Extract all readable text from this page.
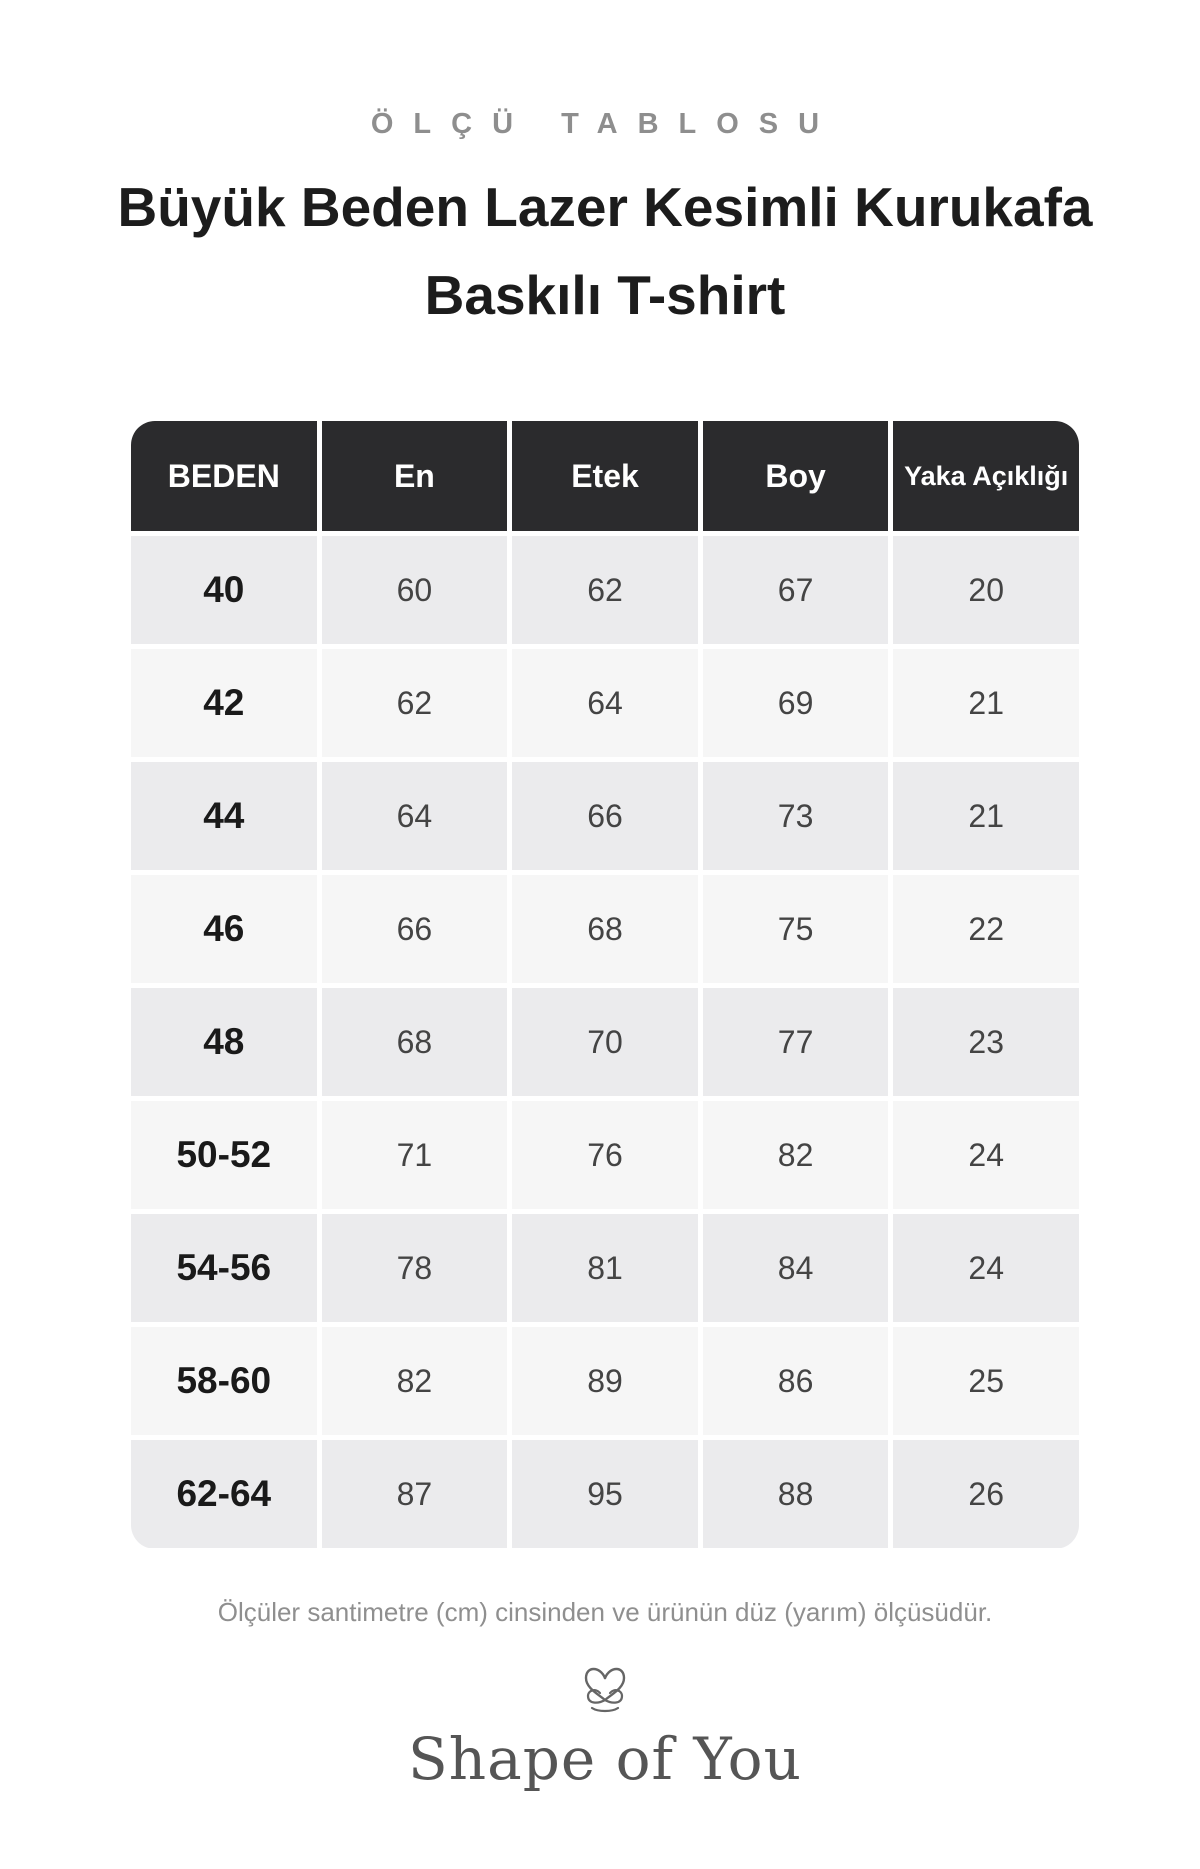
ÖLÇÜ TABLOSU
Büyük Beden Lazer Kesimli Kurukafa
Baskılı T-shirt
BEDEN	En	Etek	Boy	Yaka Açıklığı
40	60	62	67	20
42	62	64	69	21
44	64	66	73	21
46	66	68	75	22
48	68	70	77	23
50-52	71	76	82	24
54-56	78	81	84	24
58-60	82	89	86	25
62-64	87	95	88	26
Ölçüler santimetre (cm) cinsinden ve ürünün düz (yarım) ölçüsüdür.
Shape of You
